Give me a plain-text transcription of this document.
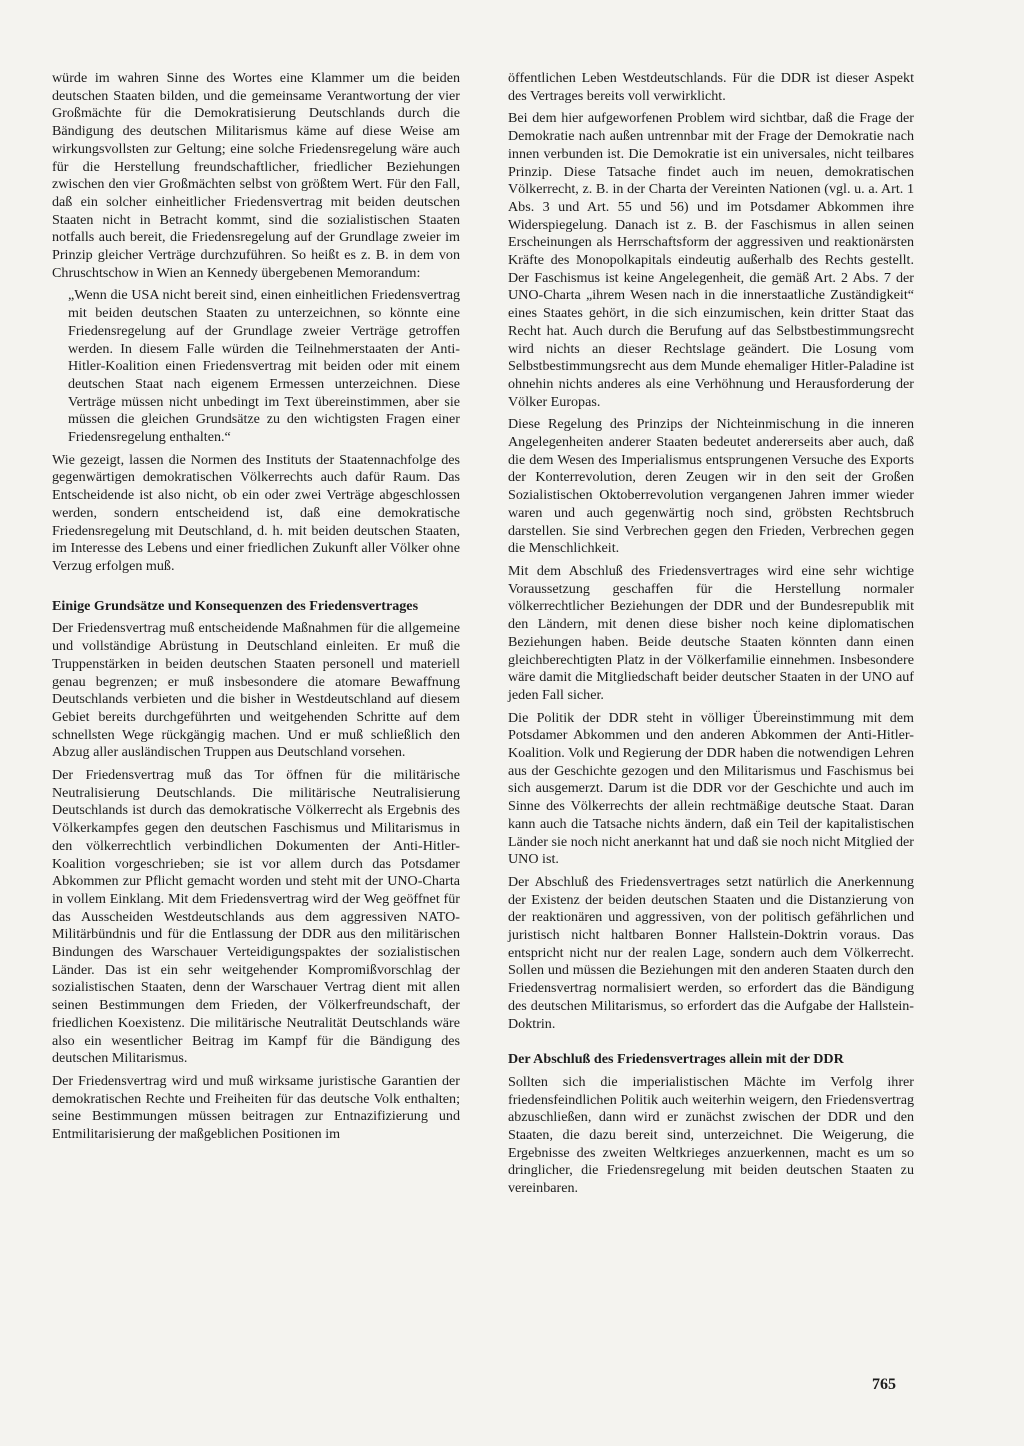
würde im wahren Sinne des Wortes eine Klammer um die beiden deutschen Staaten bilden, und die gemeinsame Verantwortung der vier Großmächte für die Demokratisierung Deutschlands durch die Bändigung des deutschen Militarismus käme auf diese Weise am wirkungsvollsten zur Geltung; eine solche Friedensregelung wäre auch für die Herstellung freundschaftlicher, friedlicher Beziehungen zwischen den vier Großmächten selbst von größtem Wert. Für den Fall, daß ein solcher einheitlicher Friedensvertrag mit beiden deutschen Staaten nicht in Betracht kommt, sind die sozialistischen Staaten notfalls auch bereit, die Friedensregelung auf der Grundlage zweier im Prinzip gleicher Verträge durchzuführen. So heißt es z. B. in dem von Chruschtschow in Wien an Kennedy übergebenen Memorandum:

„Wenn die USA nicht bereit sind, einen einheitlichen Friedensvertrag mit beiden deutschen Staaten zu unterzeichnen, so könnte eine Friedensregelung auf der Grundlage zweier Verträge getroffen werden. In diesem Falle würden die Teilnehmerstaaten der Anti-Hitler-Koalition einen Friedensvertrag mit beiden oder mit einem deutschen Staat nach eigenem Ermessen unterzeichnen. Diese Verträge müssen nicht unbedingt im Text übereinstimmen, aber sie müssen die gleichen Grundsätze zu den wichtigsten Fragen einer Friedensregelung enthalten.“

Wie gezeigt, lassen die Normen des Instituts der Staatennachfolge des gegenwärtigen demokratischen Völkerrechts auch dafür Raum. Das Entscheidende ist also nicht, ob ein oder zwei Verträge abgeschlossen werden, sondern entscheidend ist, daß eine demokratische Friedensregelung mit Deutschland, d. h. mit beiden deutschen Staaten, im Interesse des Lebens und einer friedlichen Zukunft aller Völker ohne Verzug erfolgen muß.

Einige Grundsätze und Konsequenzen des Friedensvertrages

Der Friedensvertrag muß entscheidende Maßnahmen für die allgemeine und vollständige Abrüstung in Deutschland einleiten. Er muß die Truppenstärken in beiden deutschen Staaten personell und materiell genau begrenzen; er muß insbesondere die atomare Bewaffnung Deutschlands verbieten und die bisher in Westdeutschland auf diesem Gebiet bereits durchgeführten und weitgehenden Schritte auf dem schnellsten Wege rückgängig machen. Und er muß schließlich den Abzug aller ausländischen Truppen aus Deutschland vorsehen.

Der Friedensvertrag muß das Tor öffnen für die militärische Neutralisierung Deutschlands. Die militärische Neutralisierung Deutschlands ist durch das demokratische Völkerrecht als Ergebnis des Völkerkampfes gegen den deutschen Faschismus und Militarismus in den völkerrechtlich verbindlichen Dokumenten der Anti-Hitler-Koalition vorgeschrieben; sie ist vor allem durch das Potsdamer Abkommen zur Pflicht gemacht worden und steht mit der UNO-Charta in vollem Einklang. Mit dem Friedensvertrag wird der Weg geöffnet für das Ausscheiden Westdeutschlands aus dem aggressiven NATO-Militärbündnis und für die Entlassung der DDR aus den militärischen Bindungen des Warschauer Verteidigungspaktes der sozialistischen Länder. Das ist ein sehr weitgehender Kompromißvorschlag der sozialistischen Staaten, denn der Warschauer Vertrag dient mit allen seinen Bestimmungen dem Frieden, der Völkerfreundschaft, der friedlichen Koexistenz. Die militärische Neutralität Deutschlands wäre also ein wesentlicher Beitrag im Kampf für die Bändigung des deutschen Militarismus.

Der Friedensvertrag wird und muß wirksame juristische Garantien der demokratischen Rechte und Freiheiten für das deutsche Volk enthalten; seine Bestimmungen müssen beitragen zur Entnazifizierung und Entmilitarisierung der maßgeblichen Positionen im

öffentlichen Leben Westdeutschlands. Für die DDR ist dieser Aspekt des Vertrages bereits voll verwirklicht.

Bei dem hier aufgeworfenen Problem wird sichtbar, daß die Frage der Demokratie nach außen untrennbar mit der Frage der Demokratie nach innen verbunden ist. Die Demokratie ist ein universales, nicht teilbares Prinzip. Diese Tatsache findet auch im neuen, demokratischen Völkerrecht, z. B. in der Charta der Vereinten Nationen (vgl. u. a. Art. 1 Abs. 3 und Art. 55 und 56) und im Potsdamer Abkommen ihre Widerspiegelung. Danach ist z. B. der Faschismus in allen seinen Erscheinungen als Herrschaftsform der aggressiven und reaktionärsten Kräfte des Monopolkapitals eindeutig außerhalb des Rechts gestellt. Der Faschismus ist keine Angelegenheit, die gemäß Art. 2 Abs. 7 der UNO-Charta „ihrem Wesen nach in die innerstaatliche Zuständigkeit“ eines Staates gehört, in die sich einzumischen, kein dritter Staat das Recht hat. Auch durch die Berufung auf das Selbstbestimmungsrecht wird nichts an dieser Rechtslage geändert. Die Losung vom Selbstbestimmungsrecht aus dem Munde ehemaliger Hitler-Paladine ist ohnehin nichts anderes als eine Verhöhnung und Herausforderung der Völker Europas.

Diese Regelung des Prinzips der Nichteinmischung in die inneren Angelegenheiten anderer Staaten bedeutet andererseits aber auch, daß die dem Wesen des Imperialismus entsprungenen Versuche des Exports der Konterrevolution, deren Zeugen wir in den seit der Großen Sozialistischen Oktoberrevolution vergangenen Jahren immer wieder waren und auch gegenwärtig noch sind, gröbsten Rechtsbruch darstellen. Sie sind Verbrechen gegen den Frieden, Verbrechen gegen die Menschlichkeit.

Mit dem Abschluß des Friedensvertrages wird eine sehr wichtige Voraussetzung geschaffen für die Herstellung normaler völkerrechtlicher Beziehungen der DDR und der Bundesrepublik mit den Ländern, mit denen diese bisher noch keine diplomatischen Beziehungen haben. Beide deutsche Staaten könnten dann einen gleichberechtigten Platz in der Völkerfamilie einnehmen. Insbesondere wäre damit die Mitgliedschaft beider deutscher Staaten in der UNO auf jeden Fall sicher.

Die Politik der DDR steht in völliger Übereinstimmung mit dem Potsdamer Abkommen und den anderen Abkommen der Anti-Hitler-Koalition. Volk und Regierung der DDR haben die notwendigen Lehren aus der Geschichte gezogen und den Militarismus und Faschismus bei sich ausgemerzt. Darum ist die DDR vor der Geschichte und auch im Sinne des Völkerrechts der allein rechtmäßige deutsche Staat. Daran kann auch die Tatsache nichts ändern, daß ein Teil der kapitalistischen Länder sie noch nicht anerkannt hat und daß sie noch nicht Mitglied der UNO ist.

Der Abschluß des Friedensvertrages setzt natürlich die Anerkennung der Existenz der beiden deutschen Staaten und die Distanzierung von der reaktionären und aggressiven, von der politisch gefährlichen und juristisch nicht haltbaren Bonner Hallstein-Doktrin voraus. Das entspricht nicht nur der realen Lage, sondern auch dem Völkerrecht. Sollen und müssen die Beziehungen mit den anderen Staaten durch den Friedensvertrag normalisiert werden, so erfordert das die Bändigung des deutschen Militarismus, so erfordert das die Aufgabe der Hallstein-Doktrin.

Der Abschluß des Friedensvertrages allein mit der DDR

Sollten sich die imperialistischen Mächte im Verfolg ihrer friedensfeindlichen Politik auch weiterhin weigern, den Friedensvertrag abzuschließen, dann wird er zunächst zwischen der DDR und den Staaten, die dazu bereit sind, unterzeichnet. Die Weigerung, die Ergebnisse des zweiten Weltkrieges anzuerkennen, macht es um so dringlicher, die Friedensregelung mit beiden deutschen Staaten zu vereinbaren.

765
